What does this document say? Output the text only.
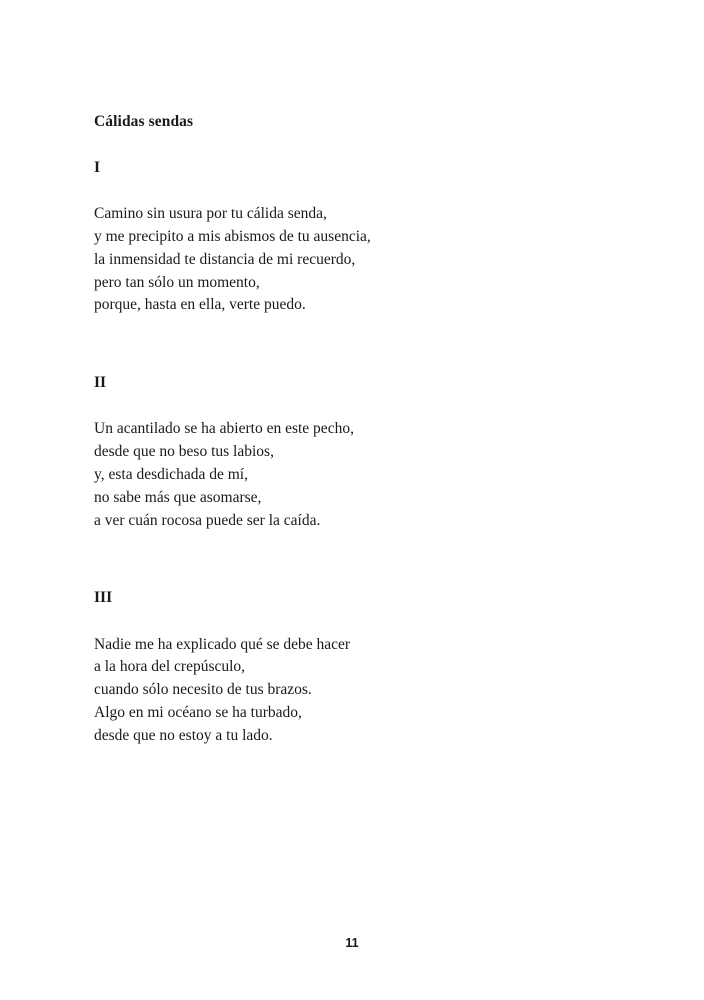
Cálidas sendas
I
Camino sin usura por tu cálida senda,
y me precipito a mis abismos de tu ausencia,
la inmensidad te distancia de mi recuerdo,
pero tan sólo un momento,
porque, hasta en ella, verte puedo.
II
Un acantilado se ha abierto en este pecho,
desde que no beso tus labios,
y, esta desdichada de mí,
no sabe más que asomarse,
a ver cuán rocosa puede ser la caída.
III
Nadie me ha explicado qué se debe hacer
a la hora del crepúsculo,
cuando sólo necesito de tus brazos.
Algo en mi océano se ha turbado,
desde que no estoy a tu lado.
11
